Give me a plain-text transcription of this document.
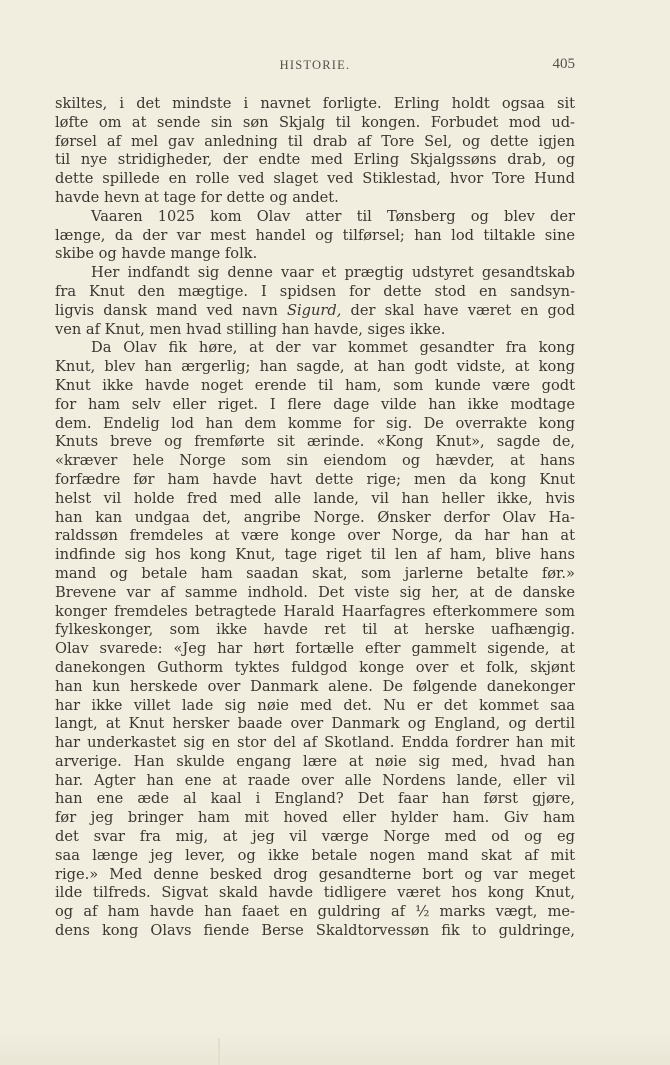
HISTORIE.	405
skiltes, i det mindste i navnet forligte. Erling holdt ogsaa sit
løfte om at sende sin søn Skjalg til kongen. Forbudet mod ud-
førsel af mel gav anledning til drab af Tore Sel, og dette igjen
til nye stridigheder, der endte med Erling Skjalgssøns drab, og
dette spillede en rolle ved slaget ved Stiklestad, hvor Tore Hund
havde hevn at tage for dette og andet.
Vaaren 1025 kom Olav atter til Tønsberg og blev der
længe, da der var mest handel og tilførsel; han lod tiltakle sine
skibe og havde mange folk.
Her indfandt sig denne vaar et prægtig udstyret gesandtskab
fra Knut den mægtige. I spidsen for dette stod en sandsyn-
ligvis dansk mand ved navn Sigurd, der skal have været en god
ven af Knut, men hvad stilling han havde, siges ikke.
Da Olav fik høre, at der var kommet gesandter fra kong
Knut, blev han ærgerlig; han sagde, at han godt vidste, at kong
Knut ikke havde noget erende til ham, som kunde være godt
for ham selv eller riget. I flere dage vilde han ikke modtage
dem. Endelig lod han dem komme for sig. De overrakte kong
Knuts breve og fremførte sit ærinde. «Kong Knut», sagde de,
«kræver hele Norge som sin eiendom og hævder, at hans
forfædre før ham havde havt dette rige; men da kong Knut
helst vil holde fred med alle lande, vil han heller ikke, hvis
han kan undgaa det, angribe Norge. Ønsker derfor Olav Ha-
raldssøn fremdeles at være konge over Norge, da har han at
indfinde sig hos kong Knut, tage riget til len af ham, blive hans
mand og betale ham saadan skat, som jarlerne betalte før.»
Brevene var af samme indhold. Det viste sig her, at de danske
konger fremdeles betragtede Harald Haarfagres efterkommere som
fylkeskonger, som ikke havde ret til at herske uafhængig.
Olav svarede: «Jeg har hørt fortælle efter gammelt sigende, at
danekongen Guthorm tyktes fuldgod konge over et folk, skjønt
han kun herskede over Danmark alene. De følgende danekonger
har ikke villet lade sig nøie med det. Nu er det kommet saa
langt, at Knut hersker baade over Danmark og England, og dertil
har underkastet sig en stor del af Skotland. Endda fordrer han mit
arverige. Han skulde engang lære at nøie sig med, hvad han
har. Agter han ene at raade over alle Nordens lande, eller vil
han ene æde al kaal i England? Det faar han først gjøre,
før jeg bringer ham mit hoved eller hylder ham. Giv ham
det svar fra mig, at jeg vil værge Norge med od og eg
saa længe jeg lever, og ikke betale nogen mand skat af mit
rige.» Med denne besked drog gesandterne bort og var meget
ilde tilfreds. Sigvat skald havde tidligere været hos kong Knut,
og af ham havde han faaet en guldring af ½ marks vægt, me-
dens kong Olavs fiende Berse Skaldtorvessøn fik to guldringe,
